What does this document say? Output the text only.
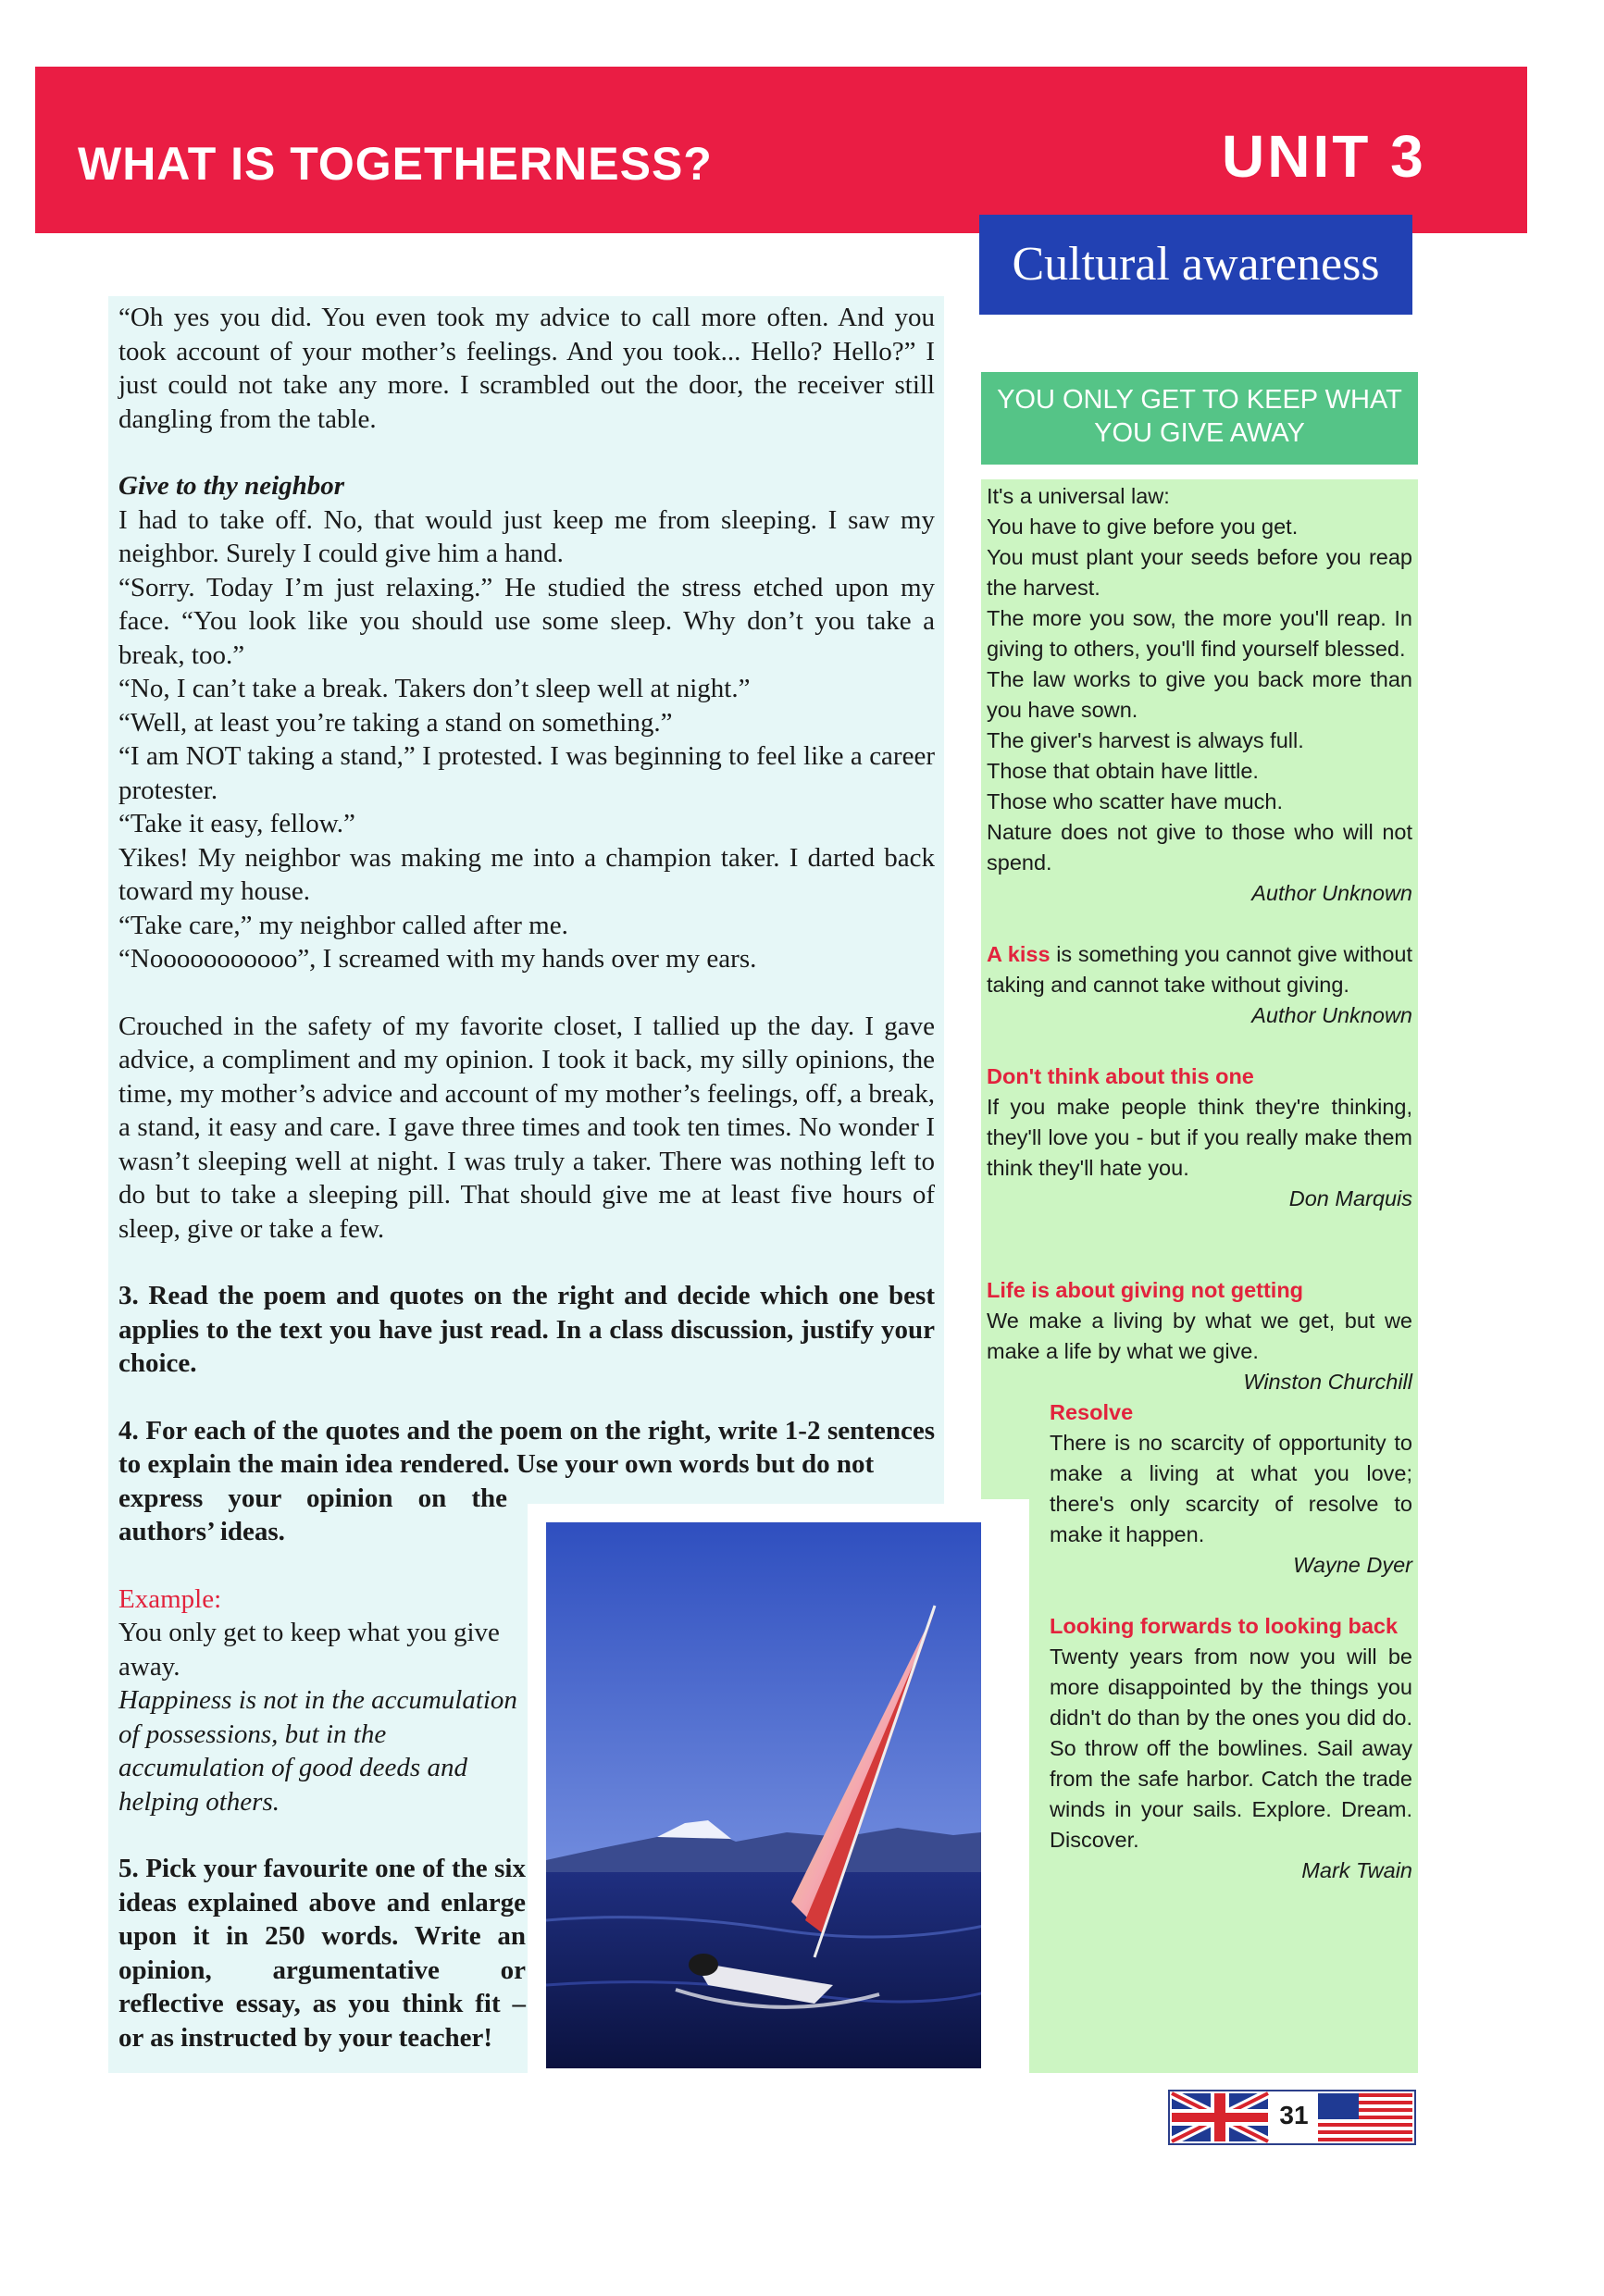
WHAT IS TOGETHERNESS?	UNIT 3
Cultural awareness

“Oh yes you did. You even took my advice to call more often. And you took account of your mother’s feelings. And you took... Hello? Hello?” I just could not take any more. I scrambled out the door, the receiver still dangling from the table.

Give to thy neighbor

I had to take off. No, that would just keep me from sleeping. I saw my neighbor. Surely I could give him a hand.

“Sorry. Today I’m just relaxing.” He studied the stress etched upon my face. “You look like you should use some sleep. Why don’t you take a break, too.”

“No, I can’t take a break. Takers don’t sleep well at night.”

“Well, at least you’re taking a stand on something.”

“I am NOT taking a stand,” I protested. I was beginning to feel like a career protester.

“Take it easy, fellow.”

Yikes! My neighbor was making me into a champion taker. I darted back toward my house.

“Take care,” my neighbor called after me.

“Nooooooooooo”, I screamed with my hands over my ears.

Crouched in the safety of my favorite closet, I tallied up the day. I gave advice, a compliment and my opinion. I took it back, my silly opinions, the time, my mother’s advice and account of my mother’s feelings, off, a break, a stand, it easy and care. I gave three times and took ten times. No wonder I wasn’t sleeping well at night. I was truly a taker. There was nothing left to do but to take a sleeping pill. That should give me at least five hours of sleep, give or take a few.

3. Read the poem and quotes on the right and decide which one best applies to the text you have just read. In a class discussion, justify your choice.

4. For each of the quotes and the poem on the right, write 1-2 sentences to explain the main idea rendered. Use your own words but do not

express your opinion on the authors’ ideas.

Example:

You only get to keep what you give away.

Happiness is not in the accumulation of possessions, but in the accumulation of good deeds and helping others.

5. Pick your favourite one of the six ideas explained above and enlarge upon it in 250 words. Write an opinion, argumentative or reflective essay, as you think fit – or as instructed by your teacher!

YOU ONLY GET TO KEEP WHAT YOU GIVE AWAY

It's a universal law:

You have to give before you get.

You must plant your seeds before you reap the harvest.

The more you sow, the more you'll reap. In giving to others, you'll find yourself blessed.

The law works to give you back more than you have sown.

The giver's harvest is always full.

Those that obtain have little.

Those who scatter have much.

Nature does not give to those who will not spend.

Author Unknown

A kiss is something you cannot give without taking and cannot take without giving.

Author Unknown

Don't think about this one

If you make people think they're thinking, they'll love you - but if you really make them think they'll hate you.

Don Marquis

Life is about giving not getting

We make a living by what we get, but we make a life by what we give.

Winston Churchill

Resolve

There is no scarcity of opportunity to make a living at what you love; there's only scarcity of resolve to make it happen.

Wayne Dyer

Looking forwards to looking back

Twenty years from now you will be more disappointed by the things you didn't do than by the ones you did do. So throw off the bowlines. Sail away from the safe harbor. Catch the trade winds in your sails. Explore. Dream. Discover.

Mark Twain

31
